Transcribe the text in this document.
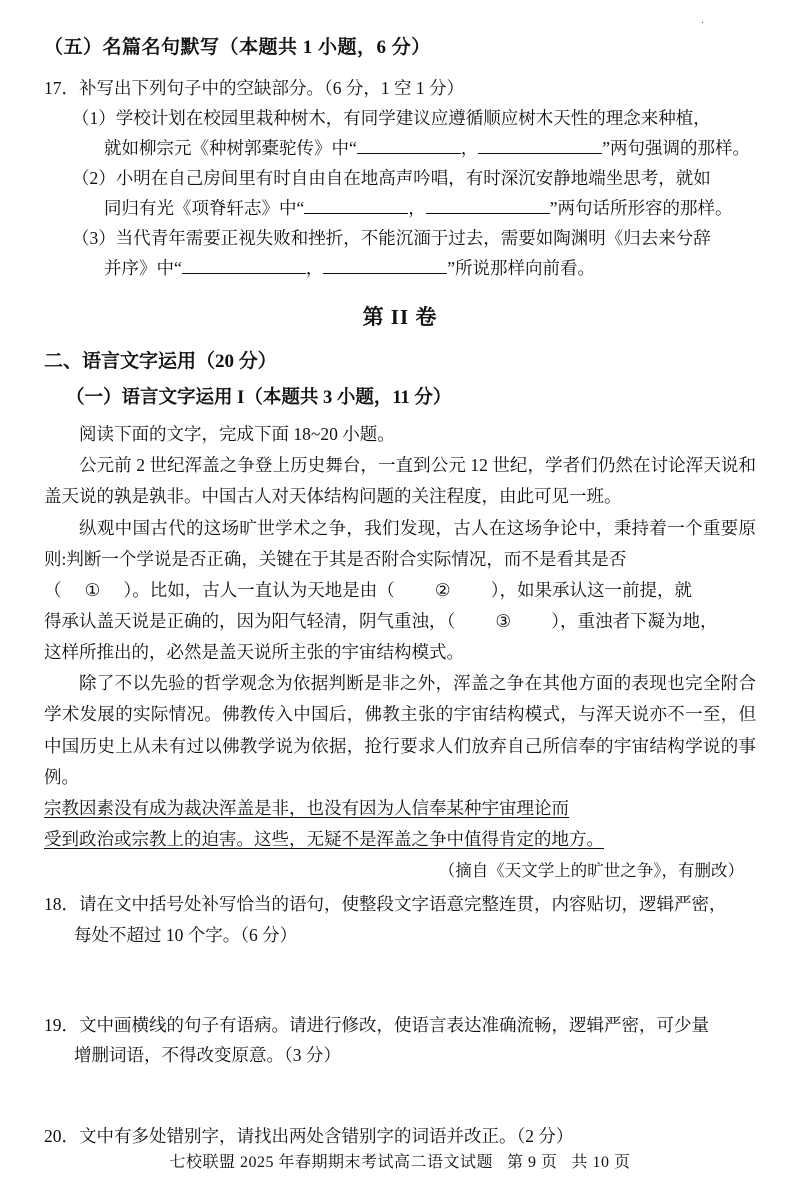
.
（五）名篇名句默写（本题共 1 小题，6 分）
17．补写出下列句子中的空缺部分。（6 分，1 空 1 分）
（1）学校计划在校园里栽种树木，有同学建议应遵循顺应树木天性的理念来种植，
就如柳宗元《种树郭橐驼传》中“	，	”两句强调的那样。
（2）小明在自己房间里有时自由自在地高声吟唱，有时深沉安静地端坐思考，就如
同归有光《项脊轩志》中“	，	”两句话所形容的那样。
（3）当代青年需要正视失败和挫折，不能沉湎于过去，需要如陶渊明《归去来兮辞
并序》中“	，	”所说那样向前看。
第 II 卷
二、语言文字运用（20 分）
（一）语言文字运用 I（本题共 3 小题，11 分）
阅读下面的文字，完成下面 18~20 小题。
公元前 2 世纪浑盖之争登上历史舞台，一直到公元 12 世纪，学者们仍然在讨论浑天说和盖天说的孰是孰非。中国古人对天体结构问题的关注程度，由此可见一班。
纵观中国古代的这场旷世学术之争，我们发现，古人在这场争论中，秉持着一个重要原则:判断一个学说是否正确，关键在于其是否附合实际情况，而不是看其是否
（ ① ）。比如，古人一直认为天地是由（ ② ），如果承认这一前提，就
得承认盖天说是正确的，因为阳气轻清，阴气重浊，（ ③ ），重浊者下凝为地，
这样所推出的，必然是盖天说所主张的宇宙结构模式。
除了不以先验的哲学观念为依据判断是非之外，浑盖之争在其他方面的表现也完全附合学术发展的实际情况。佛教传入中国后，佛教主张的宇宙结构模式，与浑天说亦不一至，但中国历史上从未有过以佛教学说为依据，抢行要求人们放弃自己所信奉的宇宙结构学说的事例。
宗教因素没有成为裁决浑盖是非，也没有因为人信奉某种宇宙理论而
受到政治或宗教上的迫害。这些，无疑不是浑盖之争中值得肯定的地方。
（摘自《天文学上的旷世之争》，有删改）
18．请在文中括号处补写恰当的语句，使整段文字语意完整连贯，内容贴切，逻辑严密，
每处不超过 10 个字。（6 分）
19．文中画横线的句子有语病。请进行修改，使语言表达准确流畅，逻辑严密，可少量
增删词语，不得改变原意。（3 分）
20．文中有多处错别字，请找出两处含错别字的词语并改正。（2 分）
七校联盟 2025 年春期期末考试高二语文试题 第 9 页 共 10 页
